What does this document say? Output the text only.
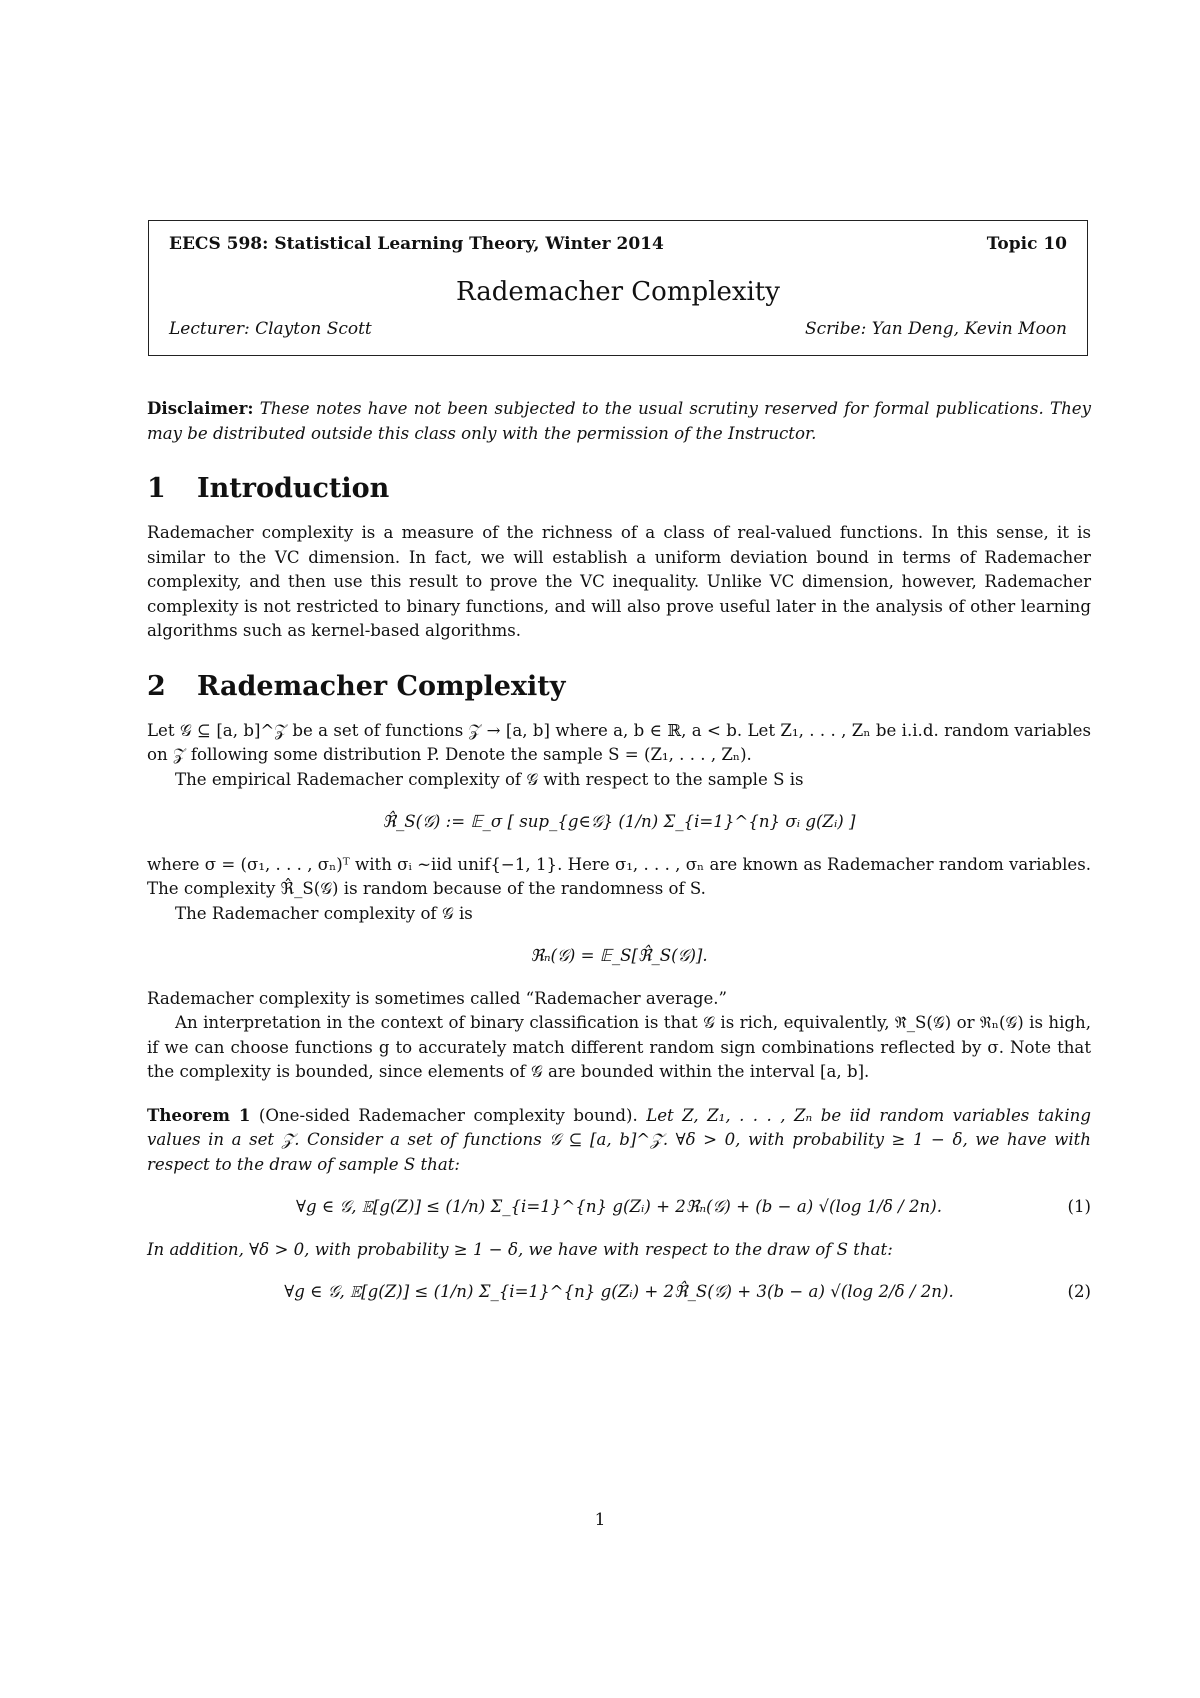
EECS 598: Statistical Learning Theory, Winter 2014	Topic 10
Rademacher Complexity
Lecturer: Clayton Scott	Scribe: Yan Deng, Kevin Moon

Disclaimer: These notes have not been subjected to the usual scrutiny reserved for formal publications. They may be distributed outside this class only with the permission of the Instructor.

1 Introduction

Rademacher complexity is a measure of the richness of a class of real-valued functions. In this sense, it is similar to the VC dimension. In fact, we will establish a uniform deviation bound in terms of Rademacher complexity, and then use this result to prove the VC inequality. Unlike VC dimension, however, Rademacher complexity is not restricted to binary functions, and will also prove useful later in the analysis of other learning algorithms such as kernel-based algorithms.

2 Rademacher Complexity

Let 𝒢 ⊆ [a, b]^𝒵 be a set of functions 𝒵 → [a, b] where a, b ∈ ℝ, a < b. Let Z₁, . . . , Zₙ be i.i.d. random variables on 𝒵 following some distribution P. Denote the sample S = (Z₁, . . . , Zₙ).

The empirical Rademacher complexity of 𝒢 with respect to the sample S is

ℜ̂_S(𝒢) := 𝔼_σ [ sup_{g∈𝒢} (1/n) Σ_{i=1}^{n} σᵢ g(Zᵢ) ]

where σ = (σ₁, . . . , σₙ)ᵀ with σᵢ ~iid unif{−1, 1}. Here σ₁, . . . , σₙ are known as Rademacher random variables. The complexity ℜ̂_S(𝒢) is random because of the randomness of S.

The Rademacher complexity of 𝒢 is

ℜₙ(𝒢) = 𝔼_S[ℜ̂_S(𝒢)].

Rademacher complexity is sometimes called “Rademacher average.”

An interpretation in the context of binary classification is that 𝒢 is rich, equivalently, ℜ̂_S(𝒢) or ℜₙ(𝒢) is high, if we can choose functions g to accurately match different random sign combinations reflected by σ. Note that the complexity is bounded, since elements of 𝒢 are bounded within the interval [a, b].

Theorem 1 (One-sided Rademacher complexity bound). Let Z, Z₁, . . . , Zₙ be iid random variables taking values in a set 𝒵. Consider a set of functions 𝒢 ⊆ [a, b]^𝒵. ∀δ > 0, with probability ≥ 1 − δ, we have with respect to the draw of sample S that:

∀g ∈ 𝒢, 𝔼[g(Z)] ≤ (1/n) Σ_{i=1}^{n} g(Zᵢ) + 2ℜₙ(𝒢) + (b − a) √(log 1/δ / 2n).	(1)

In addition, ∀δ > 0, with probability ≥ 1 − δ, we have with respect to the draw of S that:

∀g ∈ 𝒢, 𝔼[g(Z)] ≤ (1/n) Σ_{i=1}^{n} g(Zᵢ) + 2ℜ̂_S(𝒢) + 3(b − a) √(log 2/δ / 2n).	(2)
1
